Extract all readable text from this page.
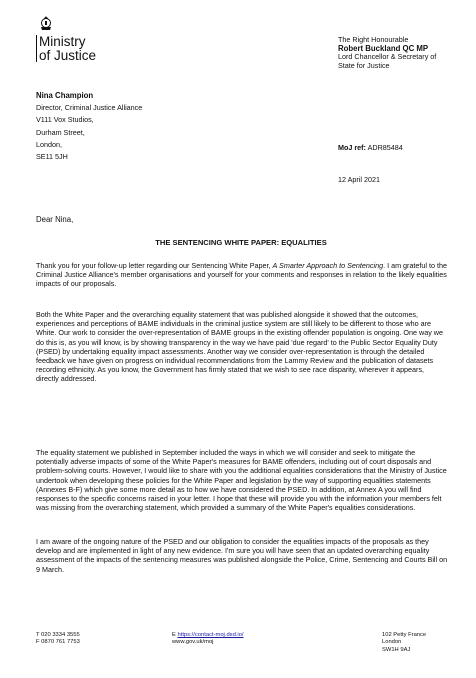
Ministry
of Justice
The Right Honourable
Robert Buckland QC MP
Lord Chancellor & Secretary of
State for Justice
Nina Champion
Director, Criminal Justice Alliance
V111 Vox Studios,
Durham Street,
London,
SE11 5JH
MoJ ref: ADR85484
12 April 2021
Dear Nina,
THE SENTENCING WHITE PAPER: EQUALITIES
Thank you for your follow-up letter regarding our Sentencing White Paper, A Smarter Approach to Sentencing. I am grateful to the Criminal Justice Alliance's member organisations and yourself for your comments and responses in relation to the likely equalities impacts of our proposals.
Both the White Paper and the overarching equality statement that was published alongside it showed that the outcomes, experiences and perceptions of BAME individuals in the criminal justice system are still likely to be different to those who are White. Our work to consider the over-representation of BAME groups in the existing offender population is ongoing. One way we do this is, as you will know, is by showing transparency in the way we have paid 'due regard' to the Public Sector Equality Duty (PSED) by undertaking equality impact assessments. Another way we consider over-representation is through the detailed feedback we have given on progress on individual recommendations from the Lammy Review and the publication of datasets recording ethnicity. As you know, the Government has firmly stated that we wish to see race disparity, wherever it appears, directly addressed.
The equality statement we published in September included the ways in which we will consider and seek to mitigate the potentially adverse impacts of some of the White Paper's measures for BAME offenders, including out of court disposals and problem-solving courts. However, I would like to share with you the additional equalities considerations that the Ministry of Justice undertook when developing these policies for the White Paper and legislation by the way of supporting equalities statements (Annexes B-F) which give some more detail as to how we have considered the PSED. In addition, at Annex A you will find responses to the specific concerns raised in your letter. I hope that these will provide you with the information your members felt was missing from the overarching statement, which provided a summary of the White Paper's equalities considerations.
I am aware of the ongoing nature of the PSED and our obligation to consider the equalities impacts of the proposals as they develop and are implemented in light of any new evidence. I'm sure you will have seen that an updated overarching equality assessment of the impacts of the sentencing measures was published alongside the Police, Crime, Sentencing and Courts Bill on 9 March.
T 020 3334 3555
F 0870 761 7753
E https://contact-moj.dsd.io/
www.gov.uk/moj
102 Petty France
London
SW1H 9AJ
